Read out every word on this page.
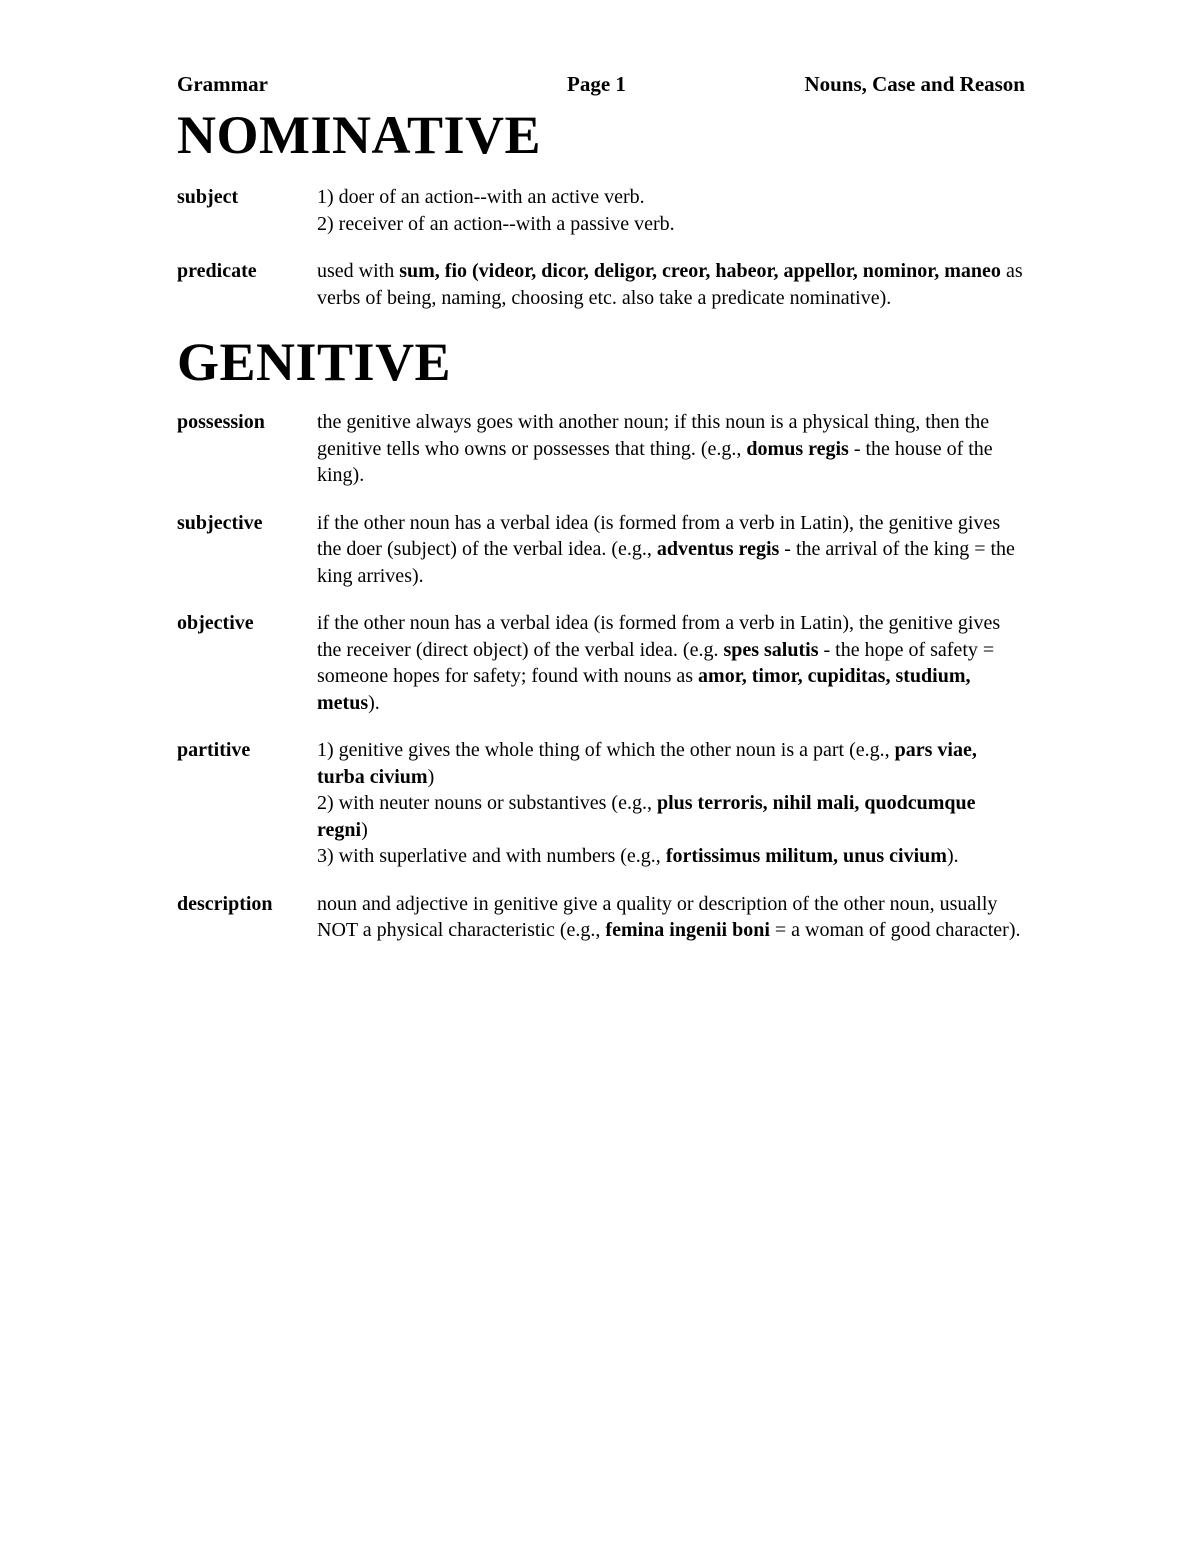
Grammar	Page 1	Nouns, Case and Reason
NOMINATIVE
subject	1) doer of an action--with an active verb.
2) receiver of an action--with a passive verb.
predicate	used with sum, fio (videor, dicor, deligor, creor, habeor, appellor, nominor, maneo as verbs of being, naming, choosing etc. also take a predicate nominative).
GENITIVE
possession	the genitive always goes with another noun; if this noun is a physical thing, then the genitive tells who owns or possesses that thing. (e.g., domus regis - the house of the king).
subjective	if the other noun has a verbal idea (is formed from a verb in Latin), the genitive gives the doer (subject) of the verbal idea. (e.g., adventus regis - the arrival of the king = the king arrives).
objective	if the other noun has a verbal idea (is formed from a verb in Latin), the genitive gives the receiver (direct object) of the verbal idea. (e.g. spes salutis - the hope of safety = someone hopes for safety; found with nouns as amor, timor, cupiditas, studium, metus).
partitive	1) genitive gives the whole thing of which the other noun is a part (e.g., pars viae, turba civium)
2) with neuter nouns or substantives (e.g., plus terroris, nihil mali, quodcumque regni)
3) with superlative and with numbers (e.g., fortissimus militum, unus civium).
description	noun and adjective in genitive give a quality or description of the other noun, usually NOT a physical characteristic (e.g., femina ingenii boni = a woman of good character).
